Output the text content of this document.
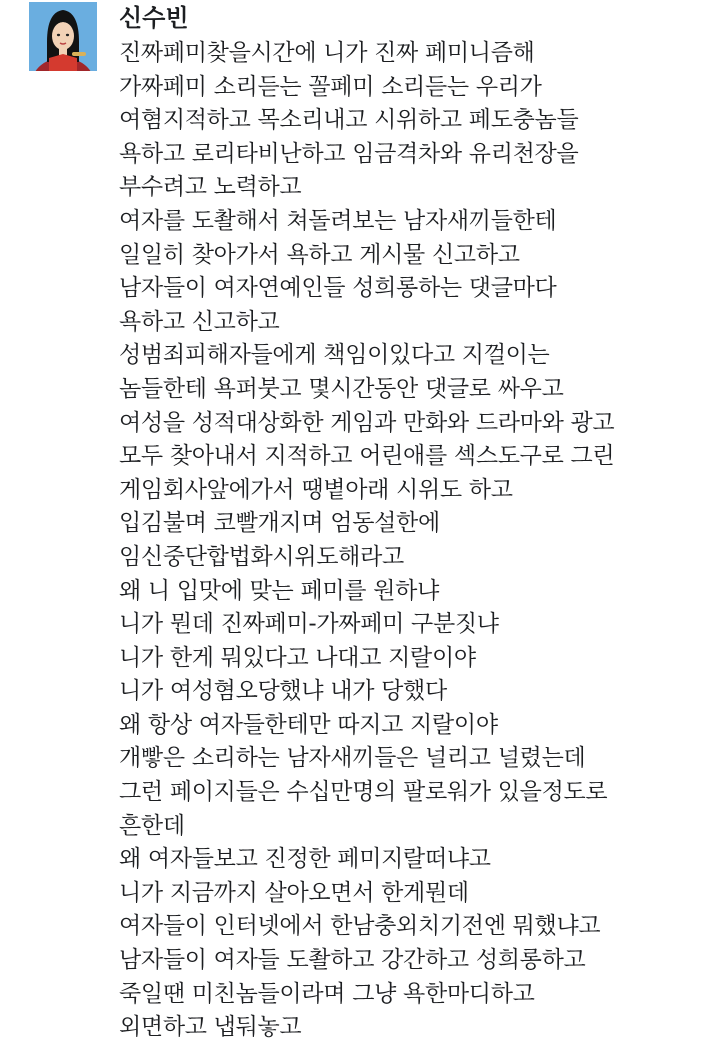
신수빈
진짜페미찾을시간에 니가 진짜 페미니즘해
가짜페미 소리듣는 꼴페미 소리듣는 우리가
여혐지적하고 목소리내고 시위하고 페도충놈들
욕하고 로리타비난하고 임금격차와 유리천장을
부수려고 노력하고
여자를 도촬해서 쳐돌려보는 남자새끼들한테
일일히 찾아가서 욕하고 게시물 신고하고
남자들이 여자연예인들 성희롱하는 댓글마다
욕하고 신고하고
성범죄피해자들에게 책임이있다고 지껄이는
놈들한테 욕퍼붓고 몇시간동안 댓글로 싸우고
여성을 성적대상화한 게임과 만화와 드라마와 광고
모두 찾아내서 지적하고 어린애를 섹스도구로 그린
게임회사앞에가서 땡볕아래 시위도 하고
입김불며 코빨개지며 엄동설한에
임신중단합법화시위도해라고
왜 니 입맛에 맞는 페미를 원하냐
니가 뭔데 진짜페미-가짜페미 구분짓냐
니가 한게 뭐있다고 나대고 지랄이야
니가 여성혐오당했냐 내가 당했다
왜 항상 여자들한테만 따지고 지랄이야
개빻은 소리하는 남자새끼들은 널리고 널렸는데
그런 페이지들은 수십만명의 팔로워가 있을정도로
흔한데
왜 여자들보고 진정한 페미지랄떠냐고
니가 지금까지 살아오면서 한게뭔데
여자들이 인터넷에서 한남충외치기전엔 뭐했냐고
남자들이 여자들 도촬하고 강간하고 성희롱하고
죽일땐 미친놈들이라며 그냥 욕한마디하고
외면하고 냅둬놓고
